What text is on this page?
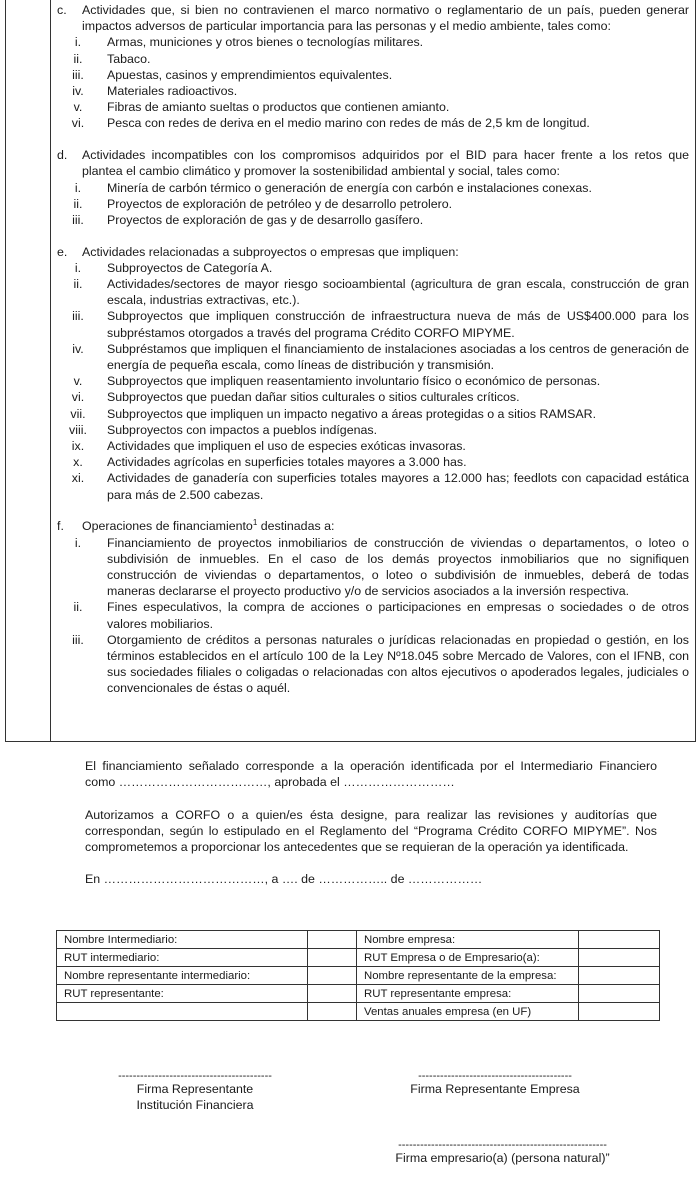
c.	Actividades que, si bien no contravienen el marco normativo o reglamentario de un país, pueden generar impactos adversos de particular importancia para las personas y el medio ambiente, tales como:
i.	Armas, municiones y otros bienes o tecnologías militares.
ii.	Tabaco.
iii.	Apuestas, casinos y emprendimientos equivalentes.
iv.	Materiales radioactivos.
v.	Fibras de amianto sueltas o productos que contienen amianto.
vi.	Pesca con redes de deriva en el medio marino con redes de más de 2,5 km de longitud.
d.	Actividades incompatibles con los compromisos adquiridos por el BID para hacer frente a los retos que plantea el cambio climático y promover la sostenibilidad ambiental y social, tales como:
i.	Minería de carbón térmico o generación de energía con carbón e instalaciones conexas.
ii.	Proyectos de exploración de petróleo y de desarrollo petrolero.
iii.	Proyectos de exploración de gas y de desarrollo gasífero.
e.	Actividades relacionadas a subproyectos o empresas que impliquen:
i.	Subproyectos de Categoría A.
ii.	Actividades/sectores de mayor riesgo socioambiental (agricultura de gran escala, construcción de gran escala, industrias extractivas, etc.).
iii.	Subproyectos que impliquen construcción de infraestructura nueva de más de US$400.000 para los subpréstamos otorgados a través del programa Crédito CORFO MIPYME.
iv.	Subpréstamos que impliquen el financiamiento de instalaciones asociadas a los centros de generación de energía de pequeña escala, como líneas de distribución y transmisión.
v.	Subproyectos que impliquen reasentamiento involuntario físico o económico de personas.
vi.	Subproyectos que puedan dañar sitios culturales o sitios culturales críticos.
vii.	Subproyectos que impliquen un impacto negativo a áreas protegidas o a sitios RAMSAR.
viii.	Subproyectos con impactos a pueblos indígenas.
ix.	Actividades que impliquen el uso de especies exóticas invasoras.
x.	Actividades agrícolas en superficies totales mayores a 3.000 has.
xi.	Actividades de ganadería con superficies totales mayores a 12.000 has; feedlots con capacidad estática para más de 2.500 cabezas.
f.	Operaciones de financiamiento$^1$ destinadas a:
i.	Financiamiento de proyectos inmobiliarios de construcción de viviendas o departamentos, o loteo o subdivisión de inmuebles. En el caso de los demás proyectos inmobiliarios que no signifiquen construcción de viviendas o departamentos, o loteo o subdivisión de inmuebles, deberá de todas maneras declararse el proyecto productivo y/o de servicios asociados a la inversión respectiva.
ii.	Fines especulativos, la compra de acciones o participaciones en empresas o sociedades o de otros valores mobiliarios.
iii.	Otorgamiento de créditos a personas naturales o jurídicas relacionadas en propiedad o gestión, en los términos establecidos en el artículo 100 de la Ley Nº18.045 sobre Mercado de Valores, con el IFNB, con sus sociedades filiales o coligadas o relacionadas con altos ejecutivos o apoderados legales, judiciales o convencionales de éstas o aquél.
El financiamiento señalado corresponde a la operación identificada por el Intermediario Financiero como ………………………………, aprobada el ………………………
Autorizamos a CORFO o a quien/es ésta designe, para realizar las revisiones y auditorías que correspondan, según lo estipulado en el Reglamento del “Programa Crédito CORFO MIPYME”. Nos comprometemos a proporcionar los antecedentes que se requieran de la operación ya identificada.
En …………………………………, a …. de …………….. de ………………
Nombre Intermediario:		Nombre empresa:	
RUT intermediario:		RUT Empresa o de Empresario(a):	
Nombre representante intermediario:		Nombre representante de la empresa:	
RUT representante:		RUT representante empresa:	
		Ventas anuales empresa (en UF)	
------------------------------------------
Firma Representante
Institución Financiera
------------------------------------------
Firma Representante Empresa
---------------------------------------------------------
Firma empresario(a) (persona natural)”
